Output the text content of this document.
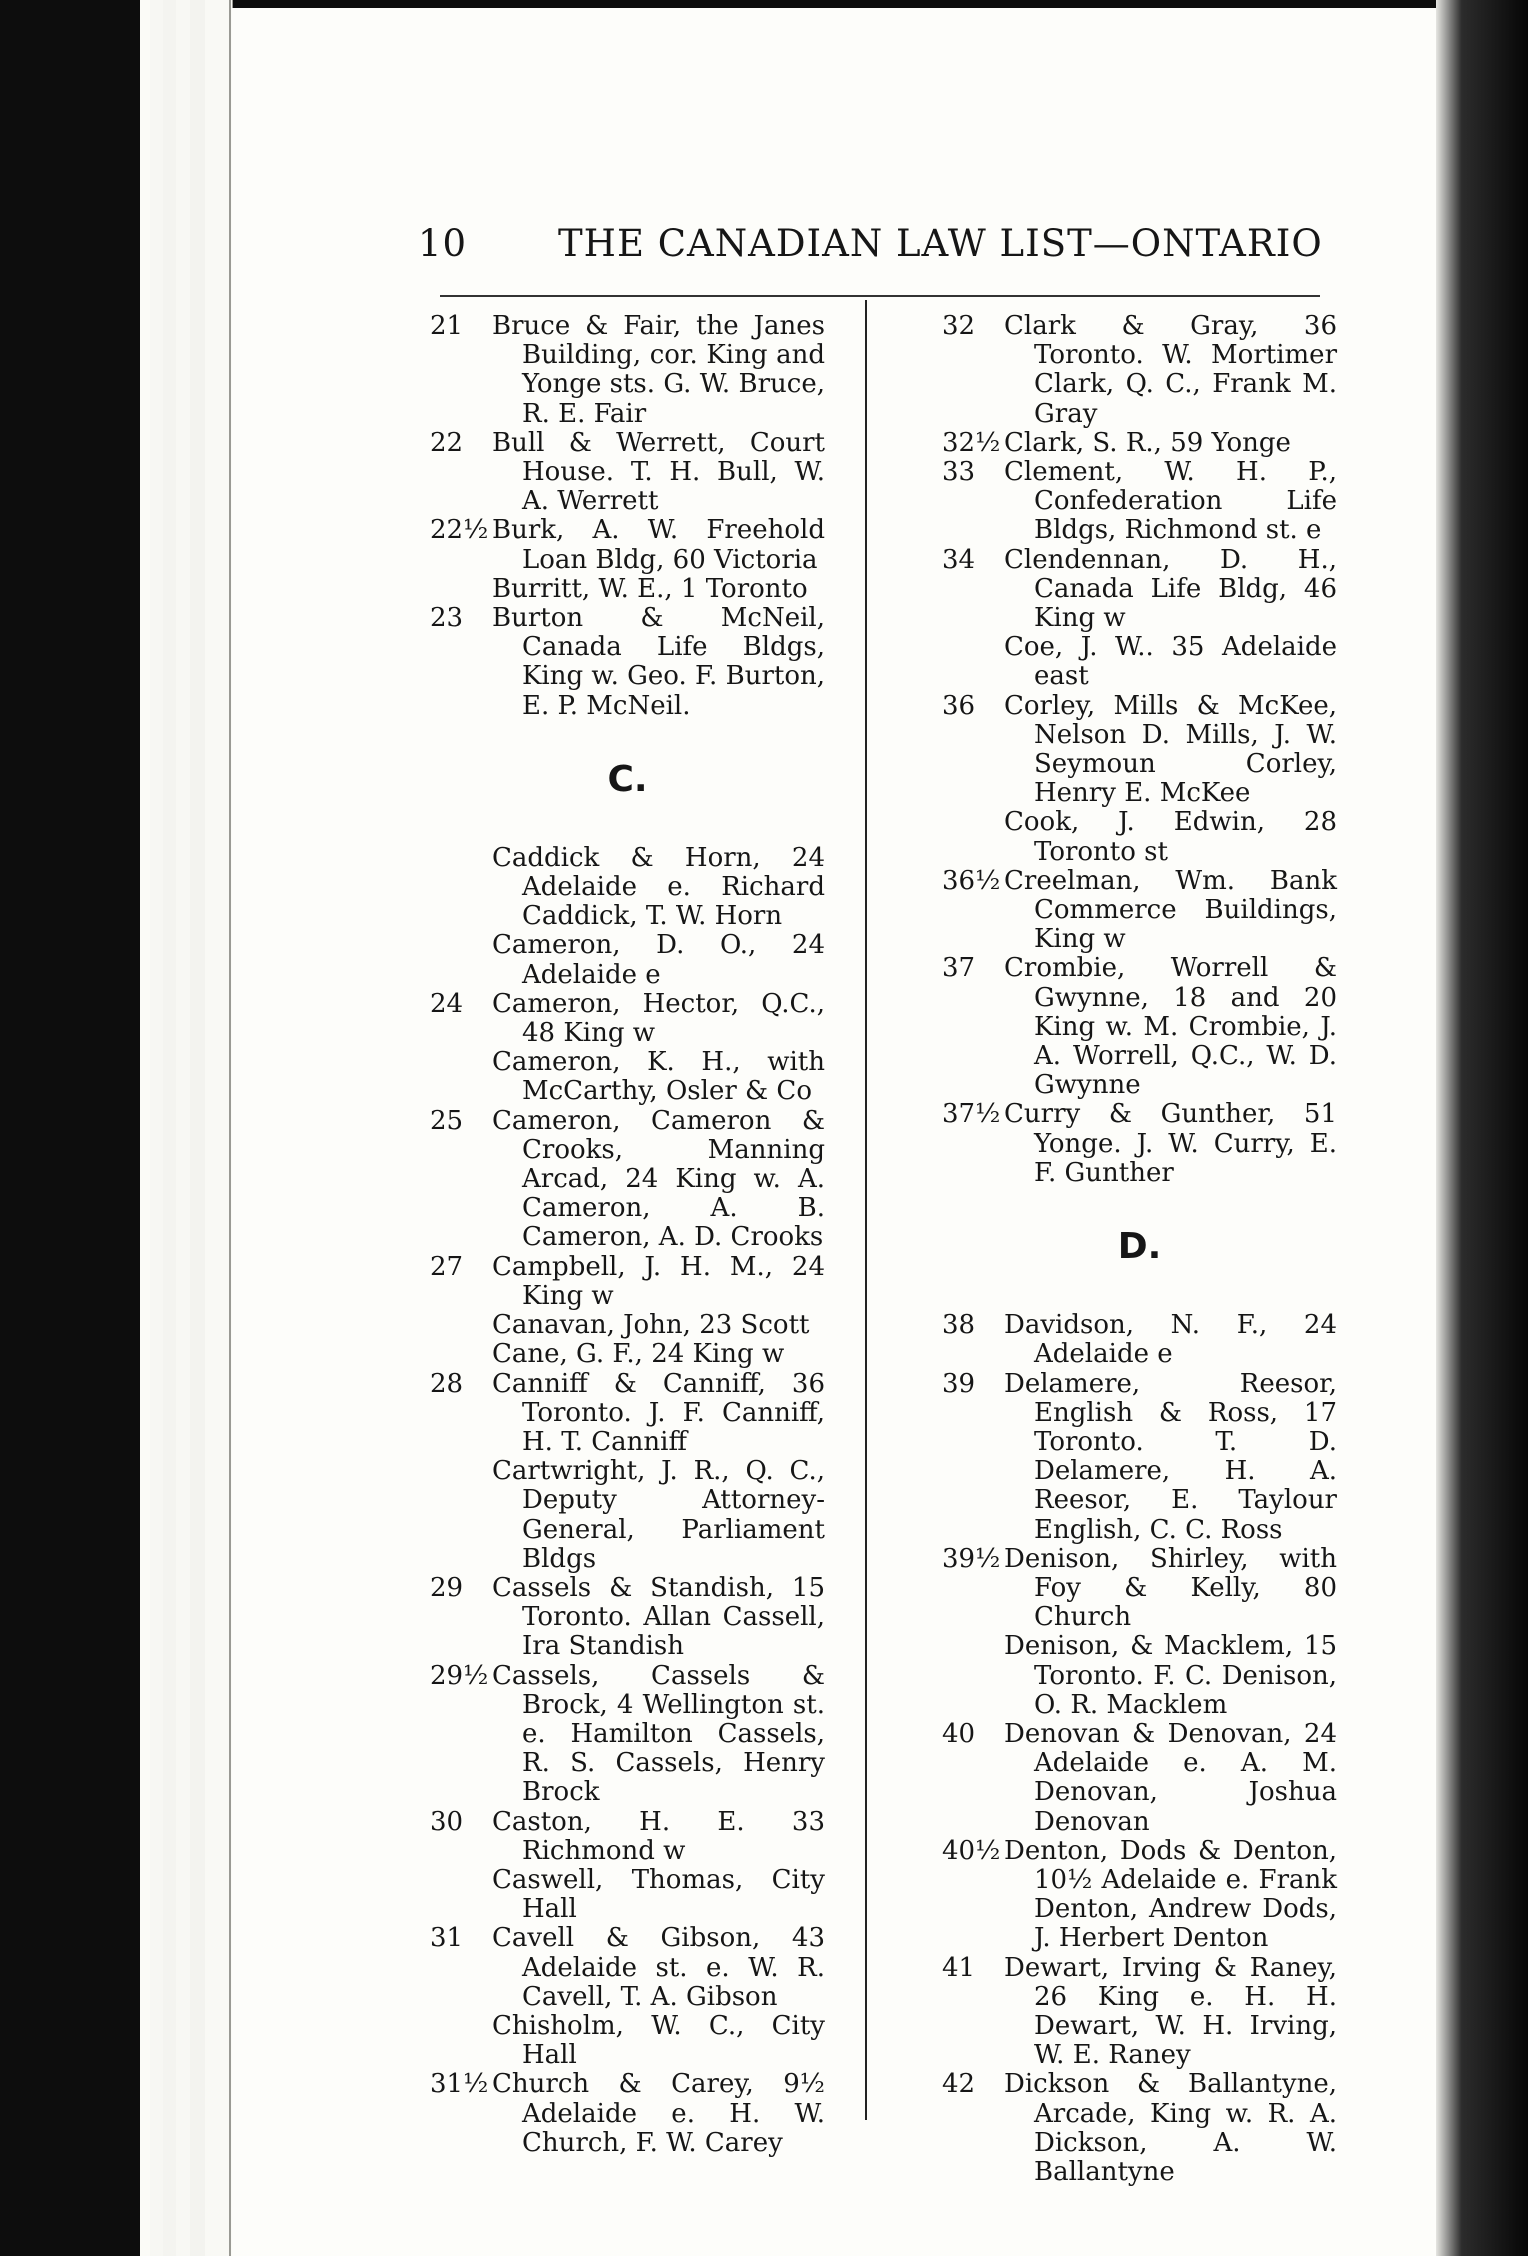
10 THE CANADIAN LAW LIST—ONTARIO
21	Bruce & Fair, the Janes Building, cor. King and Yonge sts. G. W. Bruce, R. E. Fair
22	Bull & Werrett, Court House. T. H. Bull, W. A. Werrett
22½ Burk, A. W. Freehold Loan Bldg, 60 Victoria
Burritt, W. E., 1 Toronto
23	Burton & McNeil, Canada Life Bldgs, King w. Geo. F. Burton, E. P. McNeil.
C.
Caddick & Horn, 24 Adelaide e. Richard Caddick, T. W. Horn
Cameron, D. O., 24 Adelaide e
24	Cameron, Hector, Q.C., 48 King w
Cameron, K. H., with McCarthy, Osler & Co
25	Cameron, Cameron & Crooks, Manning Arcad, 24 King w. A. Cameron, A. B. Cameron, A. D. Crooks
27	Campbell, J. H. M., 24 King w
Canavan, John, 23 Scott
Cane, G. F., 24 King w
28	Canniff & Canniff, 36 Toronto. J. F. Canniff, H. T. Canniff
Cartwright, J. R., Q. C., Deputy Attorney-General, Parliament Bldgs
29	Cassels & Standish, 15 Toronto. Allan Cassell, Ira Standish
29½ Cassels, Cassels & Brock, 4 Wellington st. e. Hamilton Cassels, R. S. Cassels, Henry Brock
30	Caston, H. E. 33 Richmond w
Caswell, Thomas, City Hall
31	Cavell & Gibson, 43 Adelaide st. e. W. R. Cavell, T. A. Gibson
Chisholm, W. C., City Hall
31½ Church & Carey, 9½ Adelaide e. H. W. Church, F. W. Carey
32	Clark & Gray, 36 Toronto. W. Mortimer Clark, Q. C., Frank M. Gray
32½ Clark, S. R., 59 Yonge
33	Clement, W. H. P., Confederation Life Bldgs, Richmond st. e
34	Clendennan, D. H., Canada Life Bldg, 46 King w
Coe, J. W.. 35 Adelaide east
36	Corley, Mills & McKee, Nelson D. Mills, J. W. Seymoun Corley, Henry E. McKee
Cook, J. Edwin, 28 Toronto st
36½ Creelman, Wm. Bank Commerce Buildings, King w
37	Crombie, Worrell & Gwynne, 18 and 20 King w. M. Crombie, J. A. Worrell, Q.C., W. D. Gwynne
37½ Curry & Gunther, 51 Yonge. J. W. Curry, E. F. Gunther
D.
38	Davidson, N. F., 24 Adelaide e
39	Delamere, Reesor, English & Ross, 17 Toronto. T. D. Delamere, H. A. Reesor, E. Taylour English, C. C. Ross
39½ Denison, Shirley, with Foy & Kelly, 80 Church
Denison, & Macklem, 15 Toronto. F. C. Denison, O. R. Macklem
40	Denovan & Denovan, 24 Adelaide e. A. M. Denovan, Joshua Denovan
40½ Denton, Dods & Denton, 10½ Adelaide e. Frank Denton, Andrew Dods, J. Herbert Denton
41	Dewart, Irving & Raney, 26 King e. H. H. Dewart, W. H. Irving, W. E. Raney
42	Dickson & Ballantyne, Arcade, King w. R. A. Dickson, A. W. Ballantyne
